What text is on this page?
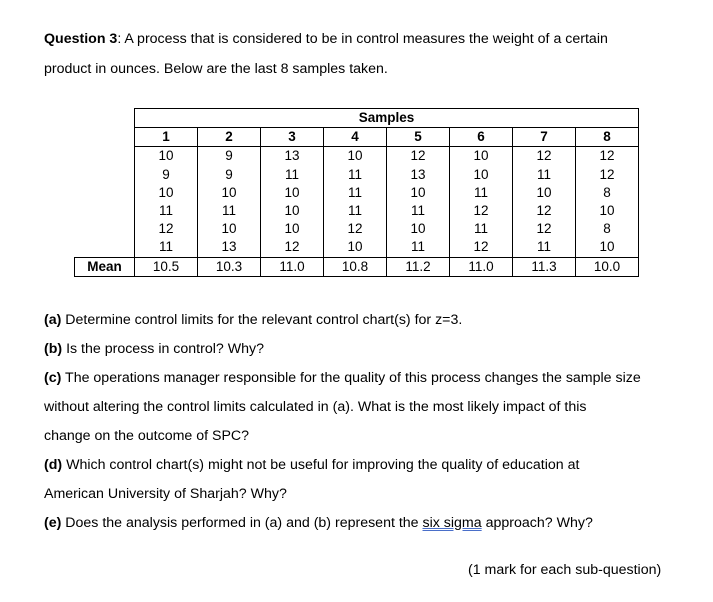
Question 3: A process that is considered to be in control measures the weight of a certain
product in ounces. Below are the last 8 samples taken.
	Samples							
	1	2	3	4	5	6	7	8
	10	9	13	10	12	10	12	12
	9	9	11	11	13	10	11	12
	10	10	10	11	10	11	10	8
	11	11	10	11	11	12	12	10
	12	10	10	12	10	11	12	8
	11	13	12	10	11	12	11	10
Mean	10.5	10.3	11.0	10.8	11.2	11.0	11.3	10.0
(a) Determine control limits for the relevant control chart(s) for z=3.
(b) Is the process in control? Why?
(c) The operations manager responsible for the quality of this process changes the sample size
without altering the control limits calculated in (a). What is the most likely impact of this
change on the outcome of SPC?
(d) Which control chart(s) might not be useful for improving the quality of education at
American University of Sharjah? Why?
(e) Does the analysis performed in (a) and (b) represent the six sigma approach? Why?
(1 mark for each sub-question)
